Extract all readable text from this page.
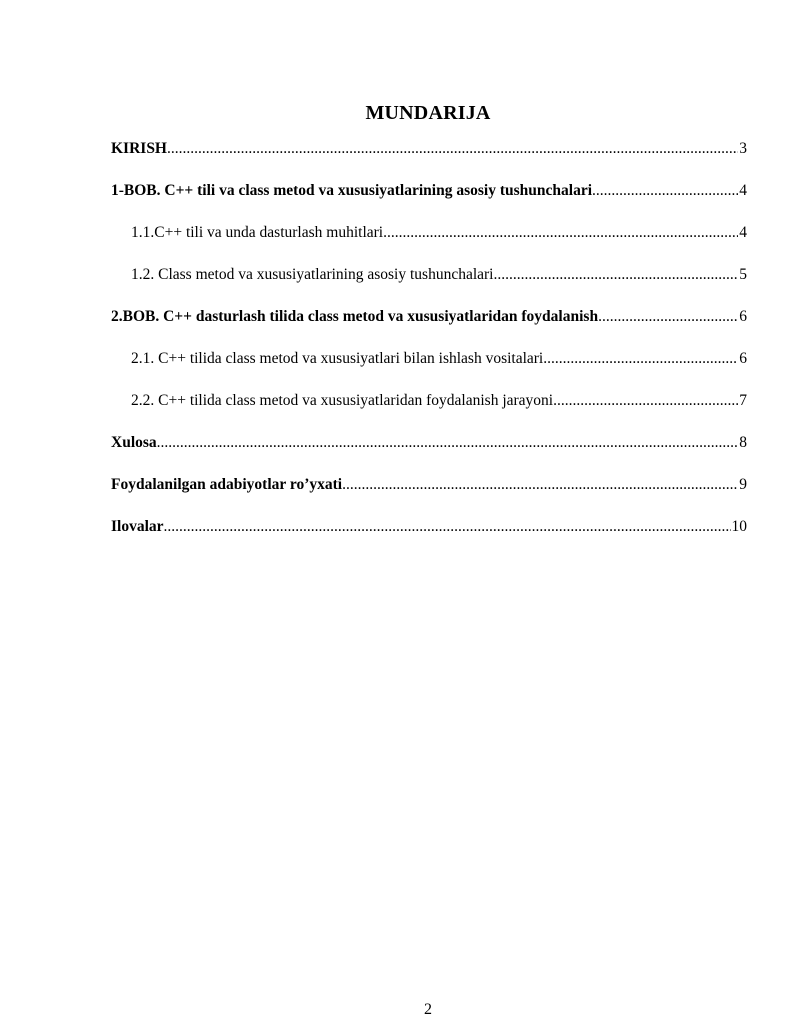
MUNDARIJA
KIRISH .....	3
1-BOB. C++ tili va class metod va xususiyatlarining asosiy tushunchalari .....	4
1.1.C++ tili va unda dasturlash muhitlari .....	4
1.2. Class metod va xususiyatlarining asosiy tushunchalari .....	5
2.BOB. C++ dasturlash tilida class metod va xususiyatlaridan foydalanish .....	6
2.1. C++ tilida class metod va xususiyatlari bilan ishlash vositalari .....	6
2.2. C++ tilida class metod va xususiyatlaridan foydalanish jarayoni .....	7
Xulosa .....	8
Foydalanilgan adabiyotlar ro’yxati .....	9
Ilovalar .....	10
2
